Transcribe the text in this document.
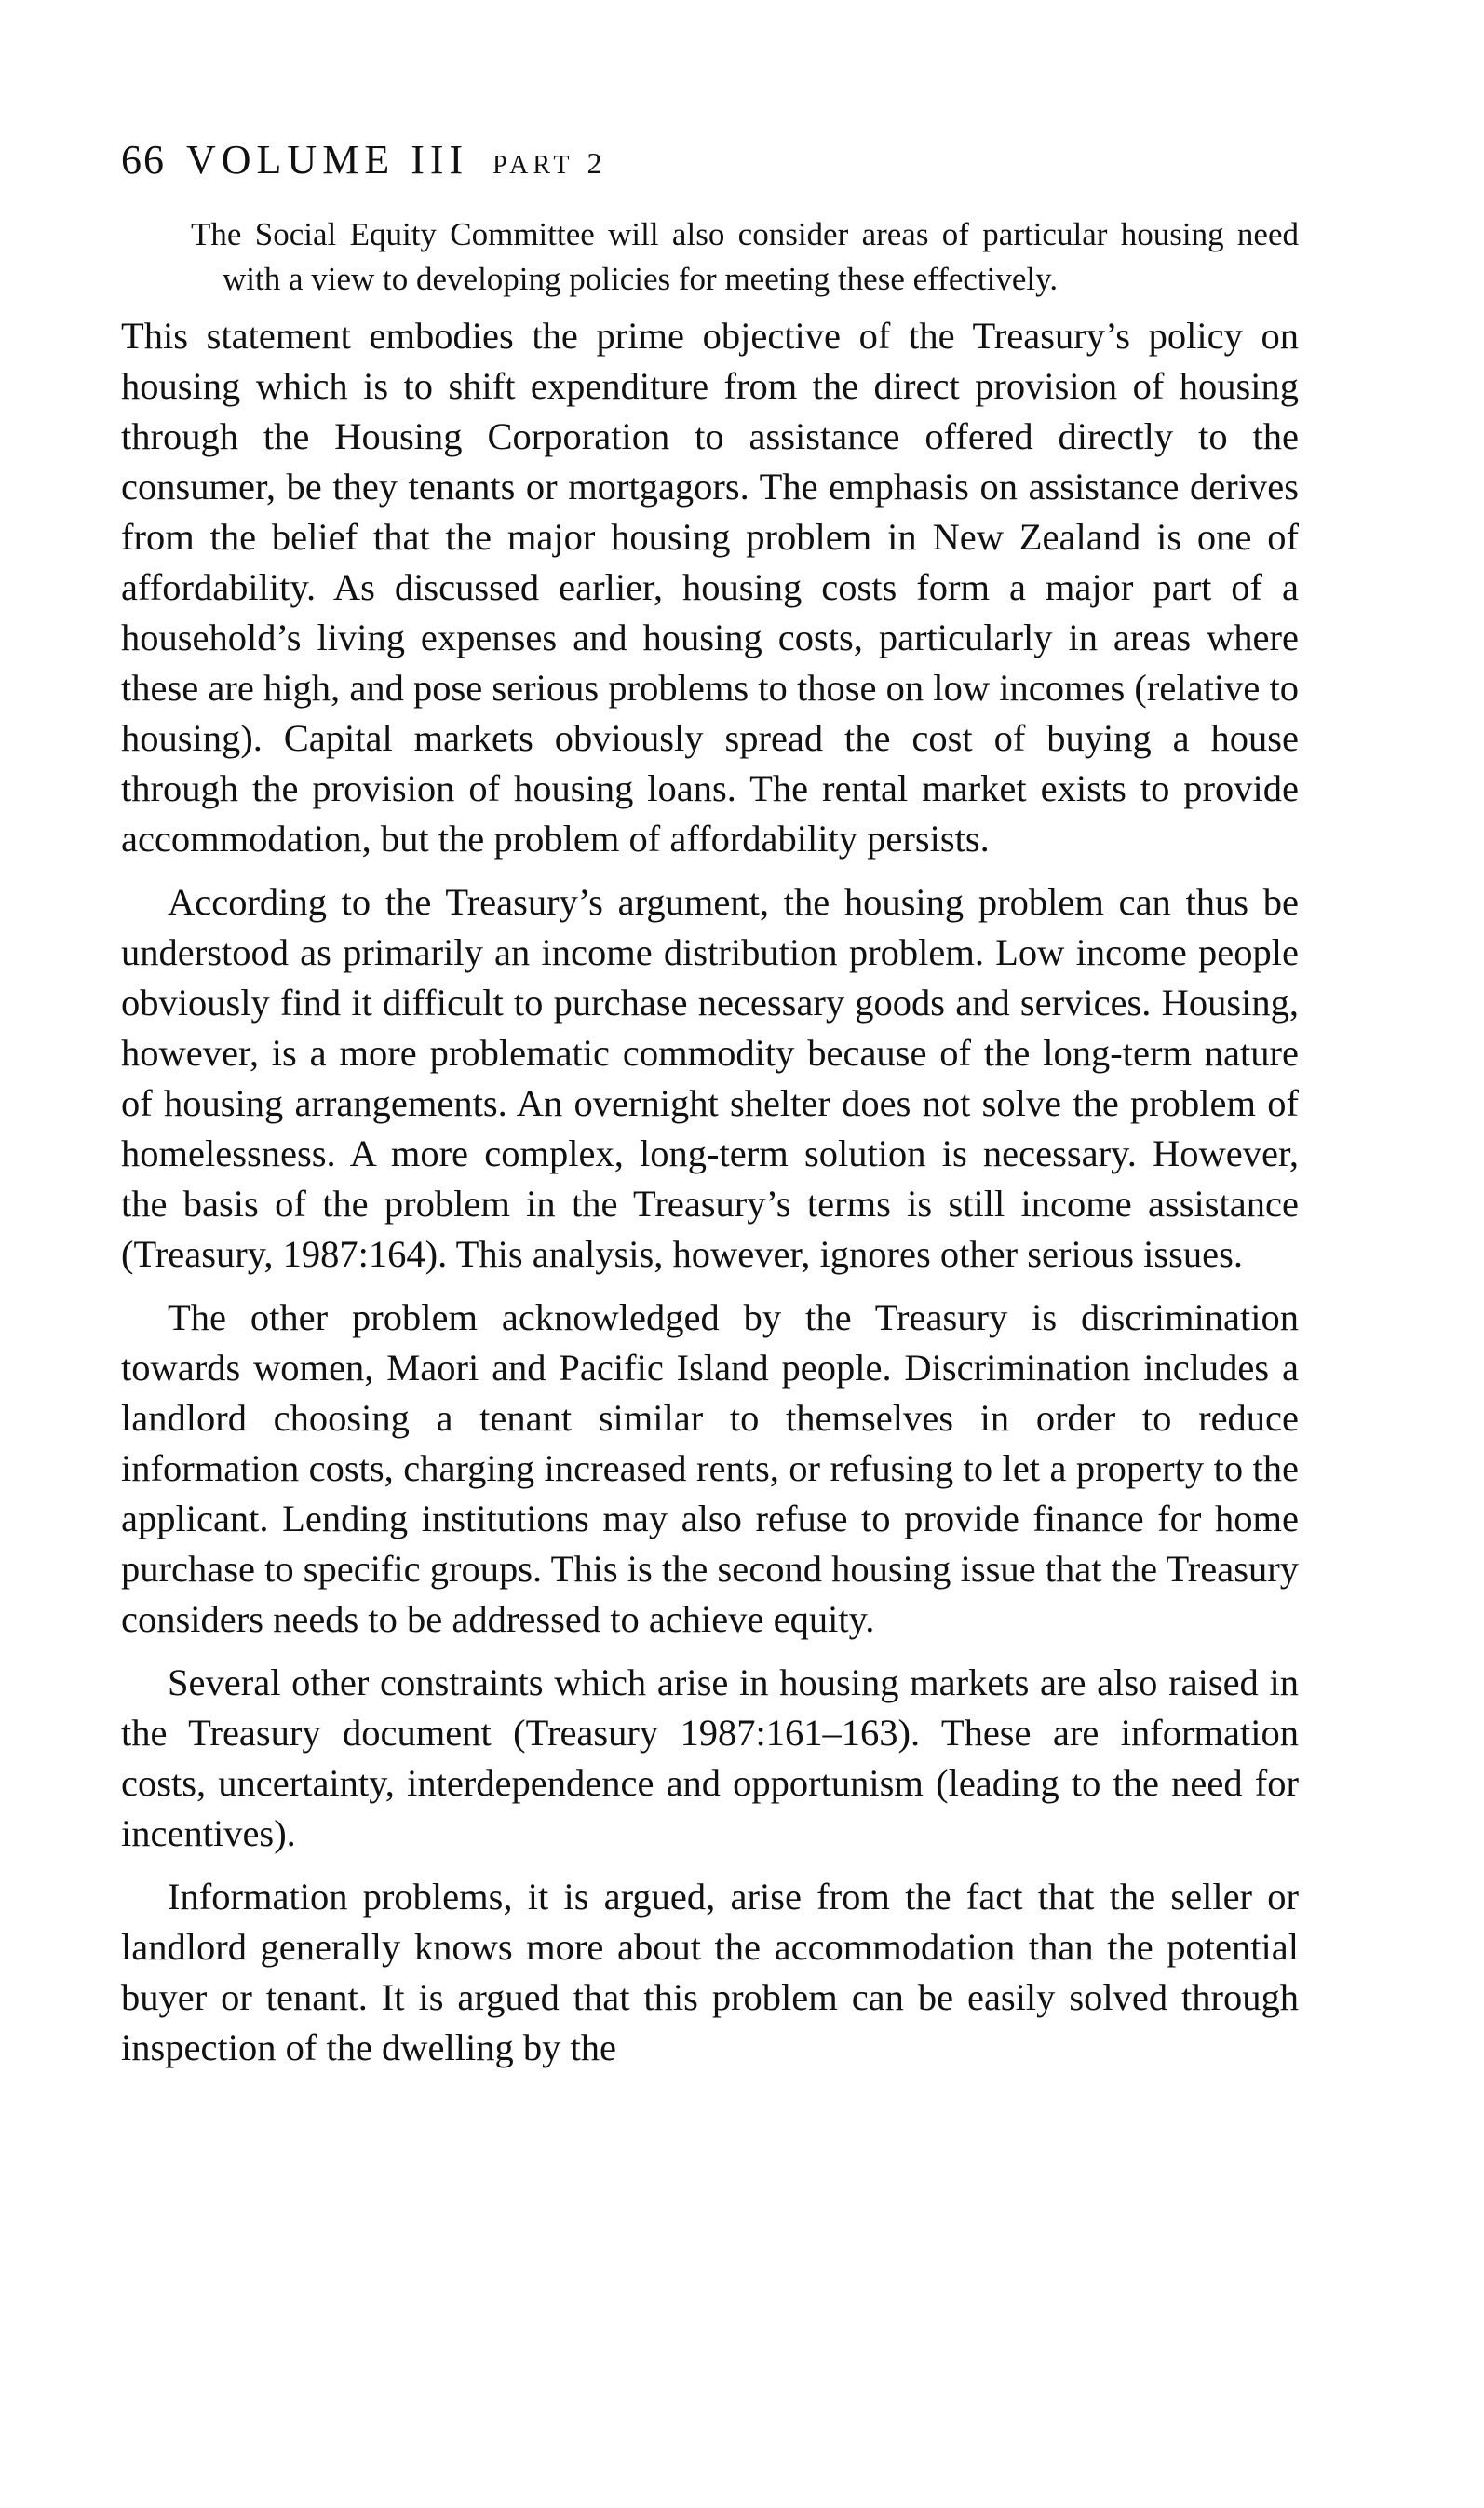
66 VOLUME III PART 2
The Social Equity Committee will also consider areas of particular housing need with a view to developing policies for meeting these effectively.

This statement embodies the prime objective of the Treasury’s policy on housing which is to shift expenditure from the direct provision of housing through the Housing Corporation to assistance offered directly to the consumer, be they tenants or mortgagors. The emphasis on assistance derives from the belief that the major housing problem in New Zealand is one of affordability. As discussed earlier, housing costs form a major part of a household’s living expenses and housing costs, particularly in areas where these are high, and pose serious problems to those on low incomes (relative to housing). Capital markets obviously spread the cost of buying a house through the provision of housing loans. The rental market exists to provide accommodation, but the problem of affordability persists.

According to the Treasury’s argument, the housing problem can thus be understood as primarily an income distribution problem. Low income people obviously find it difficult to purchase necessary goods and services. Housing, however, is a more problematic commodity because of the long-term nature of housing arrangements. An overnight shelter does not solve the problem of homelessness. A more complex, long-term solution is necessary. However, the basis of the problem in the Treasury’s terms is still income assistance (Treasury, 1987:164). This analysis, however, ignores other serious issues.

The other problem acknowledged by the Treasury is discrimination towards women, Maori and Pacific Island people. Discrimination includes a landlord choosing a tenant similar to themselves in order to reduce information costs, charging increased rents, or refusing to let a property to the applicant. Lending institutions may also refuse to provide finance for home purchase to specific groups. This is the second housing issue that the Treasury considers needs to be addressed to achieve equity.

Several other constraints which arise in housing markets are also raised in the Treasury document (Treasury 1987:161–163). These are information costs, uncertainty, interdependence and opportunism (leading to the need for incentives).

Information problems, it is argued, arise from the fact that the seller or landlord generally knows more about the accommodation than the potential buyer or tenant. It is argued that this problem can be easily solved through inspection of the dwelling by the
